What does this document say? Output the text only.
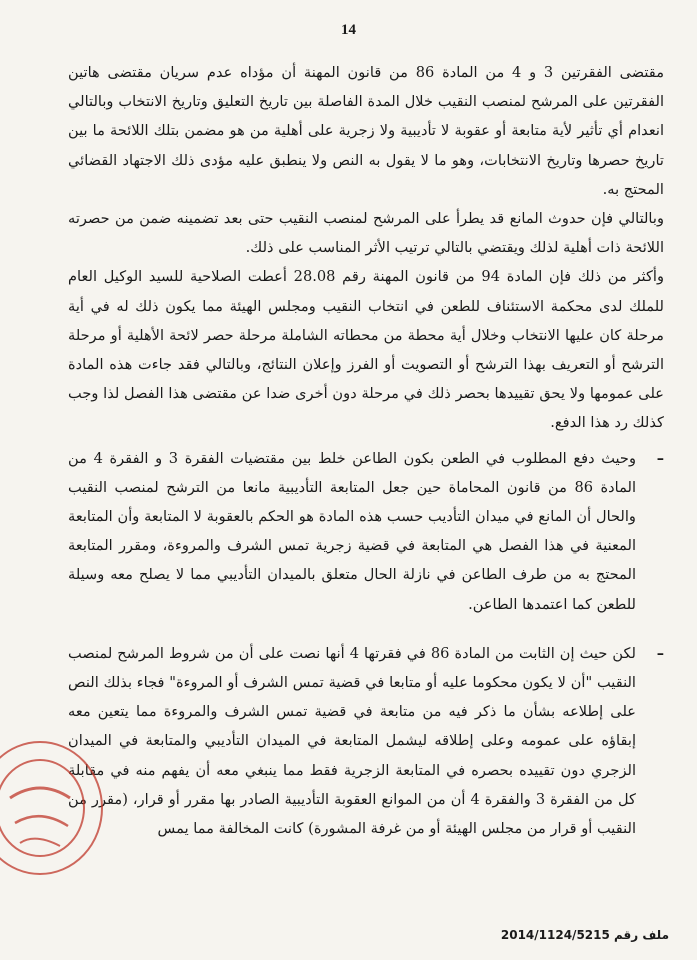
14

مقتضى الفقرتين 3 و 4 من المادة 86 من قانون المهنة أن مؤداه عدم سريان مقتضى هاتين الفقرتين على المرشح لمنصب النقيب خلال المدة الفاصلة بين تاريخ التعليق وتاريخ الانتخاب وبالتالي انعدام أي تأثير لأية متابعة أو عقوبة لا تأديبية ولا زجرية على أهلية من هو مضمن بتلك اللائحة ما بين تاريخ حصرها وتاريخ الانتخابات، وهو ما لا يقول به النص ولا ينطبق عليه مؤدى ذلك الاجتهاد القضائي المحتج به.

وبالتالي فإن حدوث المانع قد يطرأ على المرشح لمنصب النقيب حتى بعد تضمينه ضمن من حصرته اللائحة ذات أهلية لذلك ويقتضي بالتالي ترتيب الأثر المناسب على ذلك.

وأكثر من ذلك فإن المادة 94 من قانون المهنة رقم 28.08 أعطت الصلاحية للسيد الوكيل العام للملك لدى محكمة الاستئناف للطعن في انتخاب النقيب ومجلس الهيئة مما يكون ذلك له في أية مرحلة كان عليها الانتخاب وخلال أية محطة من محطاته الشاملة مرحلة حصر لائحة الأهلية أو مرحلة الترشح أو التعريف بهذا الترشح أو التصويت أو الفرز وإعلان النتائج، وبالتالي فقد جاءت هذه المادة على عمومها ولا يحق تقييدها بحصر ذلك في مرحلة دون أخرى ضدا عن مقتضى هذا الفصل لذا وجب كذلك رد هذا الدفع.

–

وحيث دفع المطلوب في الطعن بكون الطاعن خلط بين مقتضيات الفقرة 3 و الفقرة 4 من المادة 86 من قانون المحاماة حين جعل المتابعة التأديبية مانعا من الترشح لمنصب النقيب والحال أن المانع في ميدان التأديب حسب هذه المادة هو الحكم بالعقوبة لا المتابعة وأن المتابعة المعنية في هذا الفصل هي المتابعة في قضية زجرية تمس الشرف والمروءة، ومقرر المتابعة المحتج به من طرف الطاعن في نازلة الحال متعلق بالميدان التأديبي مما لا يصلح معه وسيلة للطعن كما اعتمدها الطاعن.

–

لكن حيث إن الثابت من المادة 86 في فقرتها 4 أنها نصت على أن من شروط المرشح لمنصب النقيب "أن لا يكون محكوما عليه أو متابعا في قضية تمس الشرف أو المروءة" فجاء بذلك النص على إطلاعه بشأن ما ذكر فيه من متابعة في قضية تمس الشرف والمروءة مما يتعين معه إبقاؤه على عمومه وعلى إطلاقه ليشمل المتابعة في الميدان التأديبي والمتابعة في الميدان الزجري دون تقييده بحصره في المتابعة الزجرية فقط مما ينبغي معه أن يفهم منه في مقابلة كل من الفقرة 3 والفقرة 4 أن من الموانع العقوبة التأديبية الصادر بها مقرر أو قرار، (مقرر من النقيب أو قرار من مجلس الهيئة أو من غرفة المشورة) كانت المخالفة مما يمس

ملف رقم 2014/1124/5215
